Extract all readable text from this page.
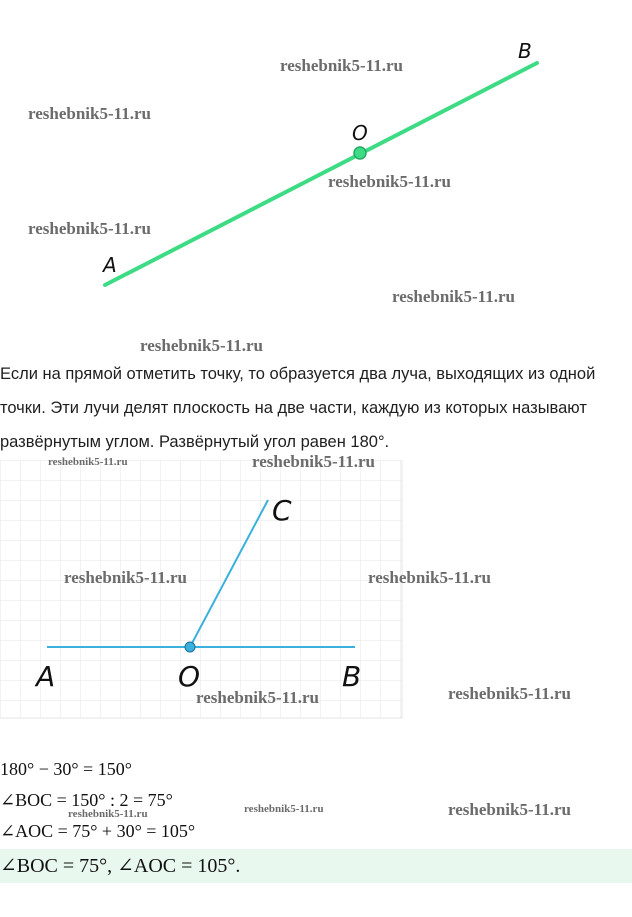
A
B
O
reshebnik5-11.ru
reshebnik5-11.ru
reshebnik5-11.ru
reshebnik5-11.ru
reshebnik5-11.ru
reshebnik5-11.ru
Если на прямой отметить точку, то образуется два луча, выходящих из одной точки. Эти лучи делят плоскость на две части, каждую из которых называют развёрнутым углом. Развёрнутый угол равен 180°.
A	O	B
C
reshebnik5-11.ru	reshebnik5-11.ru
reshebnik5-11.ru	reshebnik5-11.ru
reshebnik5-11.ru	reshebnik5-11.ru
180° − 30° = 150°
∠BOC = 150° : 2 = 75°
∠AOC = 75° + 30° = 105°
reshebnik5-11.ru	reshebnik5-11.ru	reshebnik5-11.ru
∠BOC = 75°, ∠AOC = 105°.
